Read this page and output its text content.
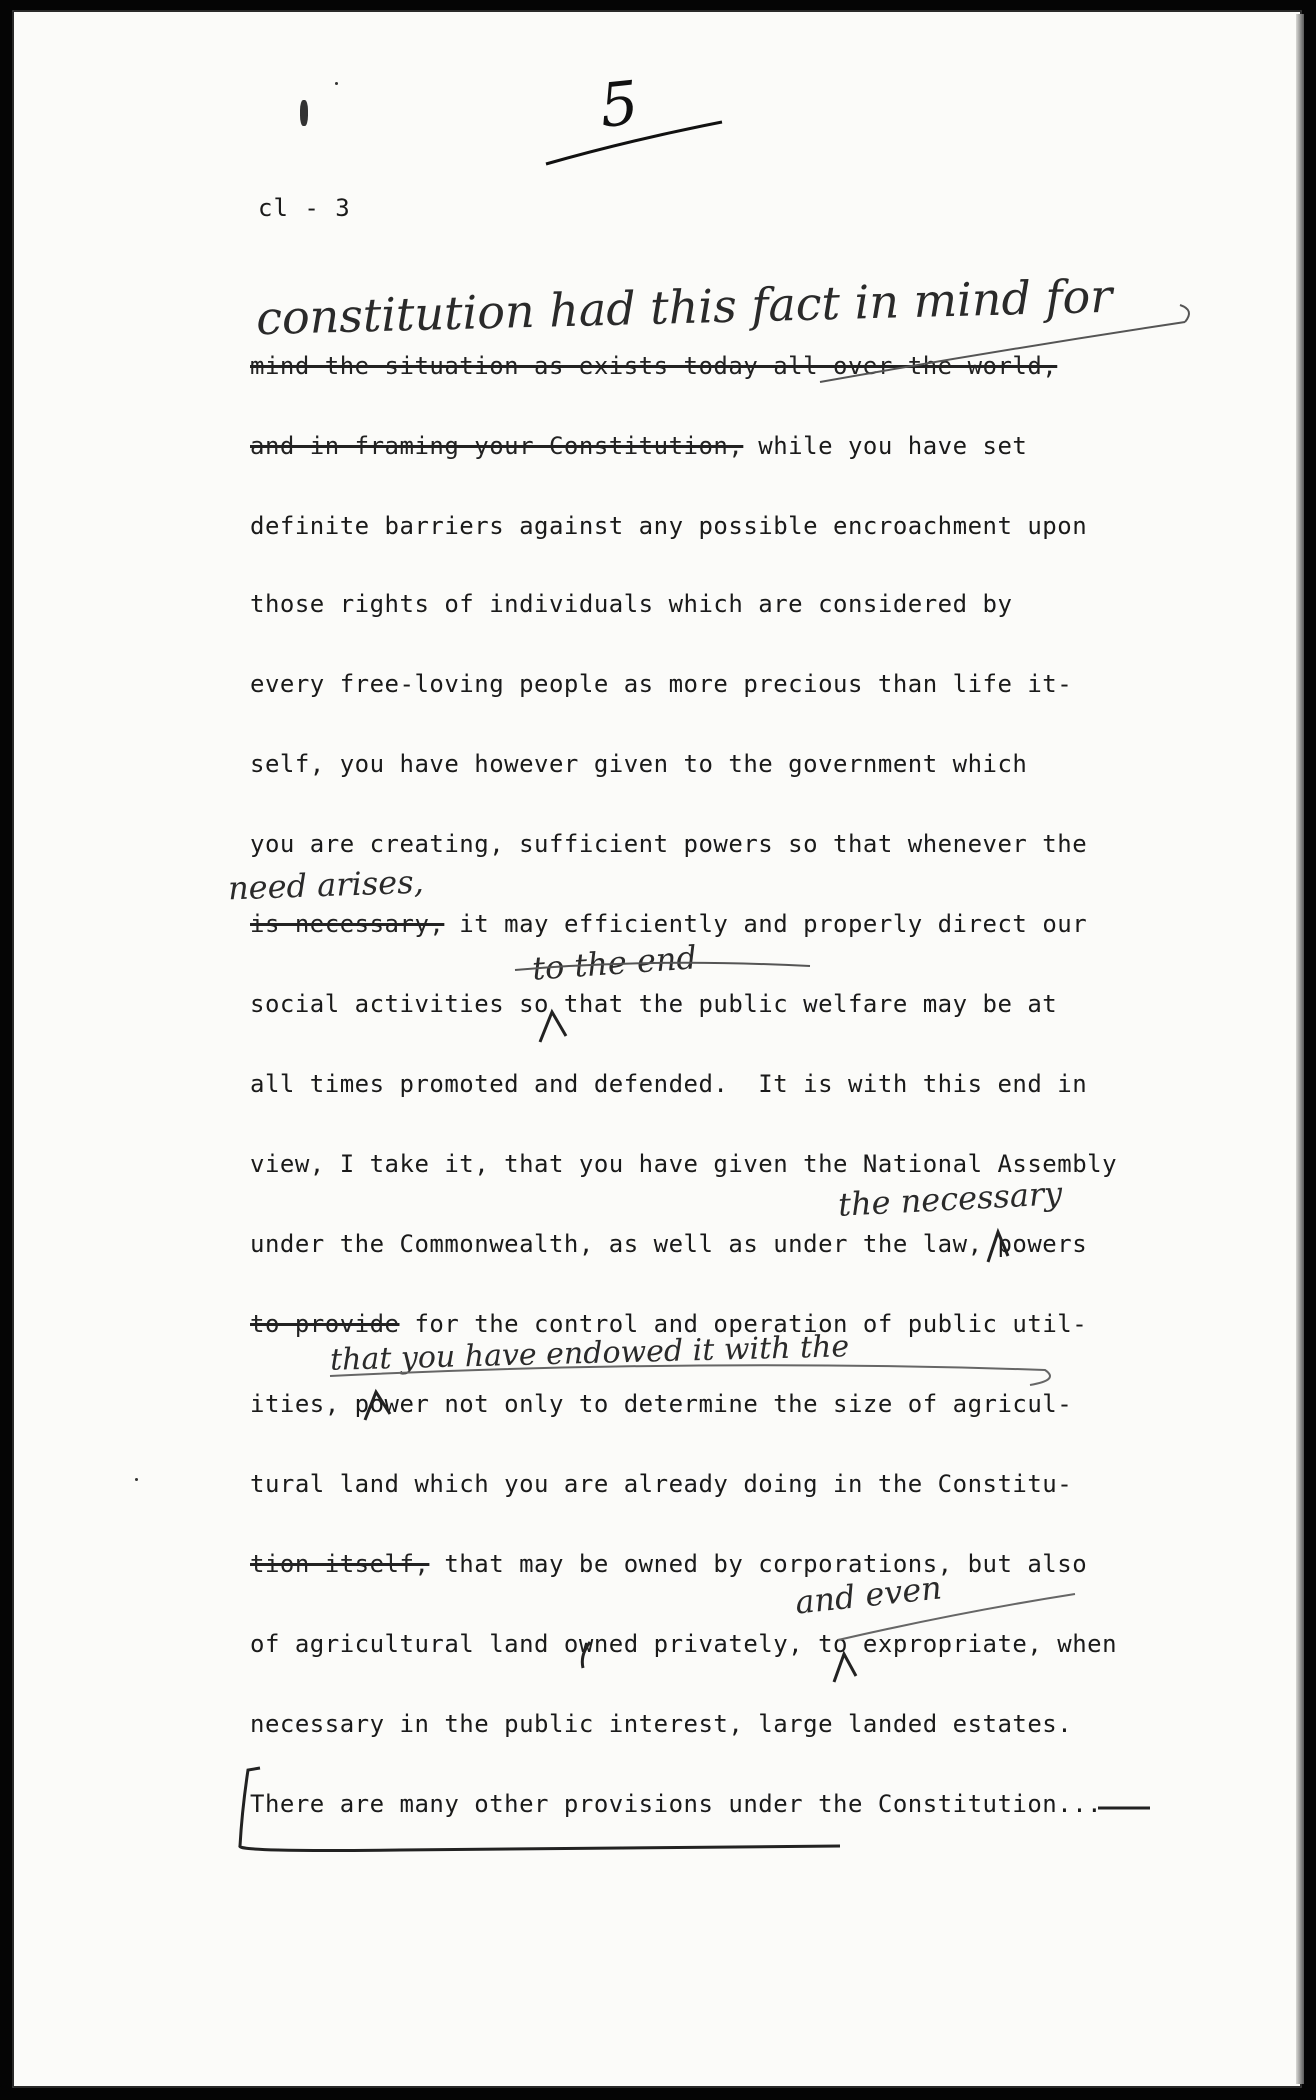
5
cl - 3
constitution had this fact in mind for
mind the situation as exists today all over the world,
and in framing your Constitution, while you have set
definite barriers against any possible encroachment upon
those rights of individuals which are considered by
every free-loving people as more precious than life it-
self, you have however given to the government which
you are creating, sufficient powers so that whenever the
is necessary, it may efficiently and properly direct our
social activities so that the public welfare may be at
all times promoted and defended.  It is with this end in
view, I take it, that you have given the National Assembly
under the Commonwealth, as well as under the law, powers
to provide for the control and operation of public util-
ities, power not only to determine the size of agricul-
tural land which you are already doing in the Constitu-
tion itself, that may be owned by corporations, but also
of agricultural land owned privately, to expropriate, when
necessary in the public interest, large landed estates.
There are many other provisions under the Constitution...
need arises,
to the end
the necessary
that you have endowed it with the
and even
